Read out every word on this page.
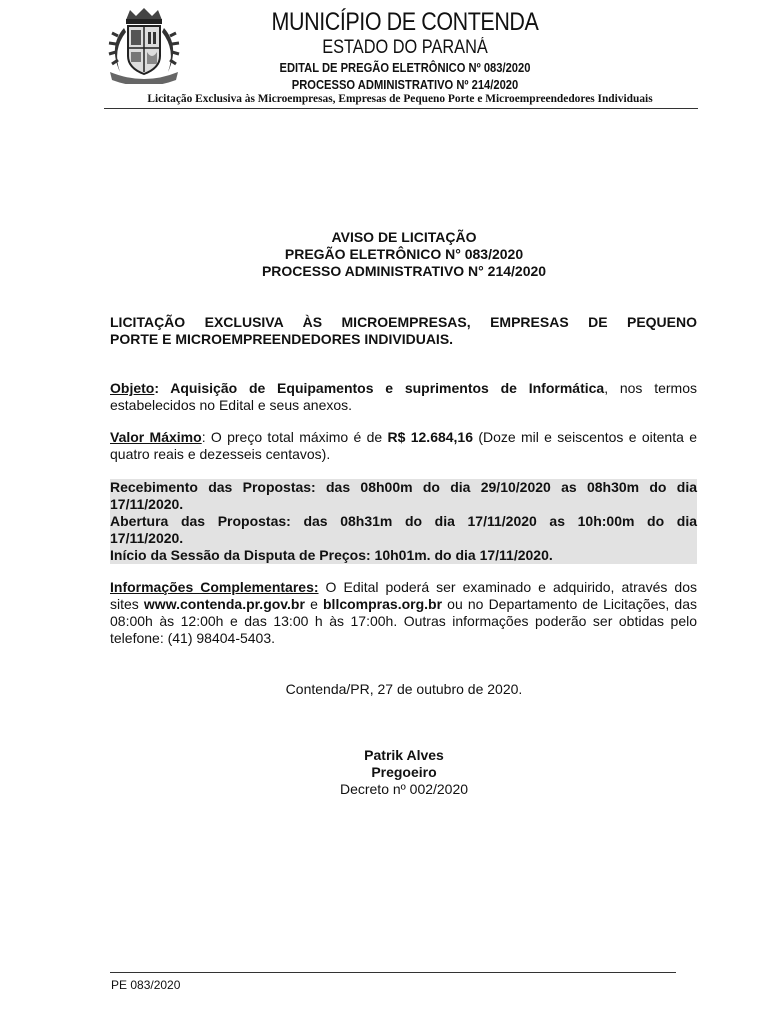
MUNICÍPIO DE CONTENDA
ESTADO DO PARANÁ
EDITAL DE PREGÃO ELETRÔNICO Nº 083/2020
PROCESSO ADMINISTRATIVO Nº 214/2020
Licitação Exclusiva às Microempresas, Empresas de Pequeno Porte e Microempreendedores Individuais
AVISO DE LICITAÇÃO
PREGÃO ELETRÔNICO N° 083/2020
PROCESSO ADMINISTRATIVO N° 214/2020
LICITAÇÃO EXCLUSIVA ÀS MICROEMPRESAS, EMPRESAS DE PEQUENO
PORTE E MICROEMPREENDEDORES INDIVIDUAIS.
Objeto: Aquisição de Equipamentos e suprimentos de Informática, nos termos estabelecidos no Edital e seus anexos.
Valor Máximo: O preço total máximo é de R$ 12.684,16 (Doze mil e seiscentos e oitenta e quatro reais e dezesseis centavos).
Recebimento das Propostas: das 08h00m do dia 29/10/2020 as 08h30m do dia
17/11/2020.
Abertura das Propostas: das 08h31m do dia 17/11/2020 as 10h:00m do dia
17/11/2020.
Início da Sessão da Disputa de Preços: 10h01m. do dia 17/11/2020.
Informações Complementares: O Edital poderá ser examinado e adquirido, através dos sites www.contenda.pr.gov.br e bllcompras.org.br ou no Departamento de Licitações, das 08:00h às 12:00h e das 13:00 h às 17:00h. Outras informações poderão ser obtidas pelo telefone: (41) 98404-5403.
Contenda/PR, 27 de outubro de 2020.
Patrik Alves
Pregoeiro
Decreto nº 002/2020
PE 083/2020
